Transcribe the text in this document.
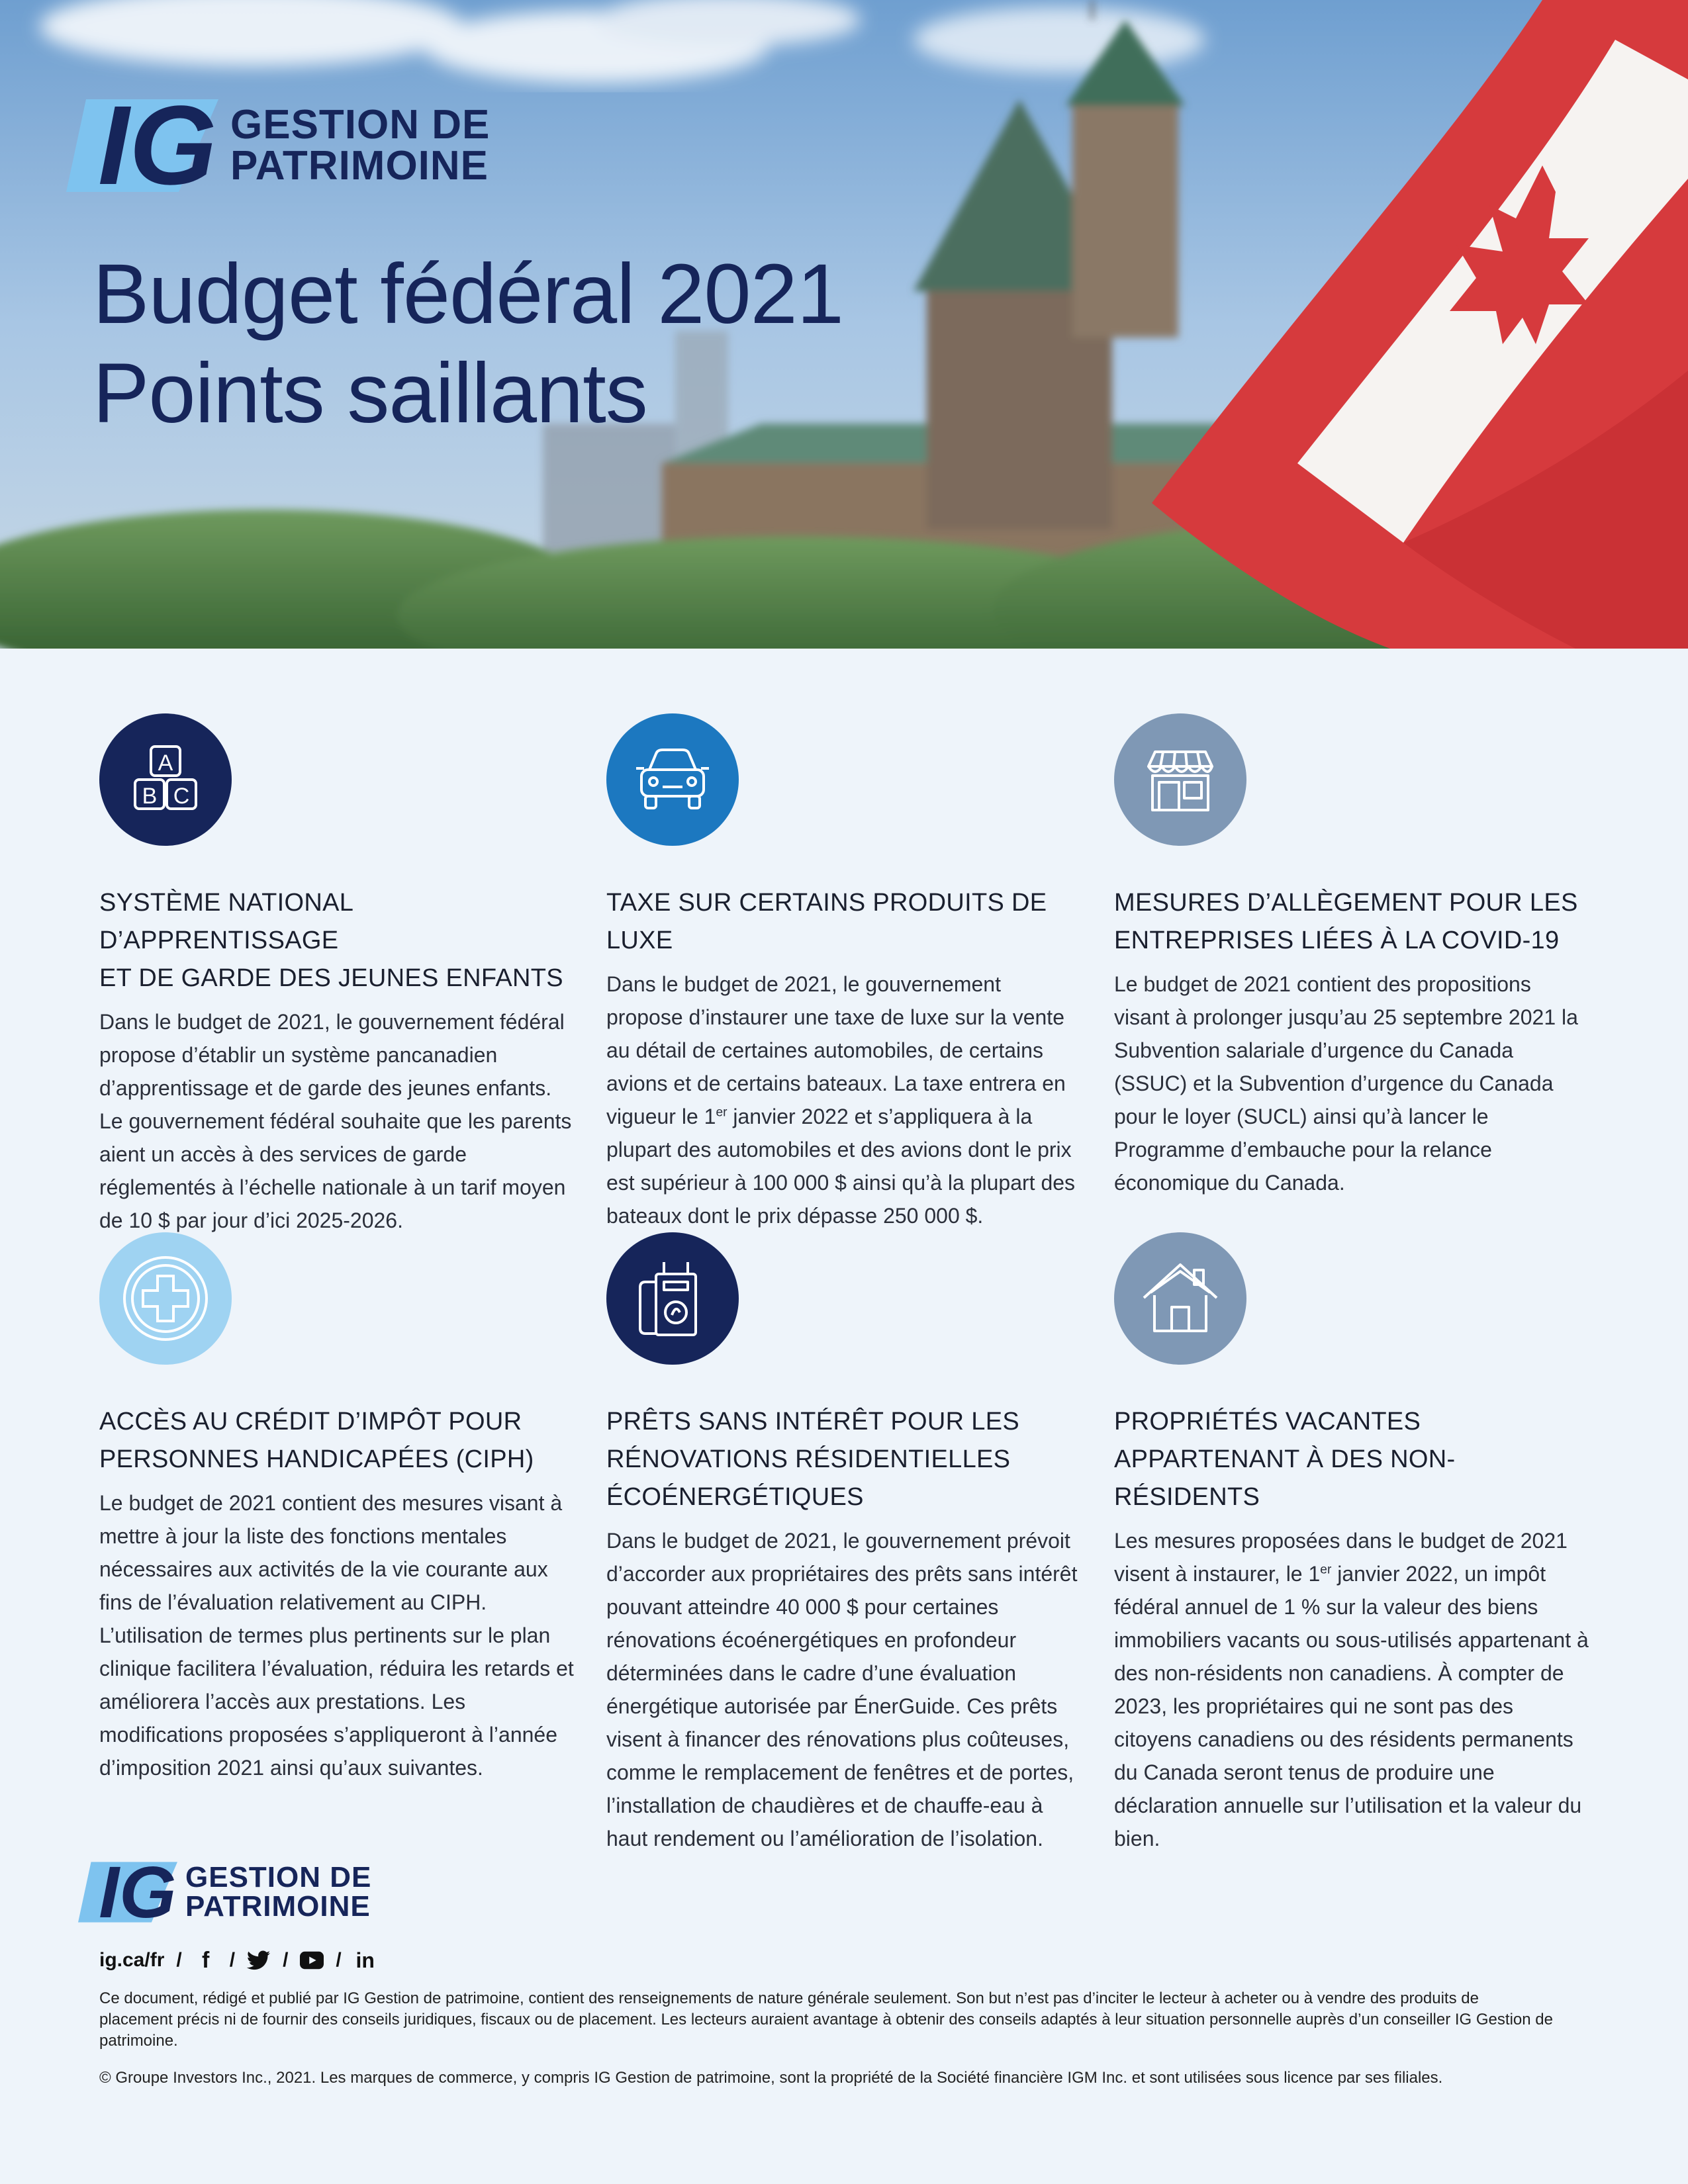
IG GESTION DE
PATRIMOINE
Budget fédéral 2021
Points saillants
A
B C
SYSTÈME NATIONAL D’APPRENTISSAGE
ET DE GARDE DES JEUNES ENFANTS

Dans le budget de 2021, le gouvernement fédéral propose d’établir un système pancanadien d’apprentissage et de garde des jeunes enfants. Le gouvernement fédéral souhaite que les parents aient un accès à des services de garde réglementés à l’échelle nationale à un tarif moyen de 10 $ par jour d’ici 2025-2026.

TAXE SUR CERTAINS PRODUITS DE LUXE

Dans le budget de 2021, le gouvernement propose d’instaurer une taxe de luxe sur la vente au détail de certaines automobiles, de certains avions et de certains bateaux. La taxe entrera en vigueur le 1er janvier 2022 et s’appliquera à la plupart des automobiles et des avions dont le prix est supérieur à 100 000 $ ainsi qu’à la plupart des bateaux dont le prix dépasse 250 000 $.

MESURES D’ALLÈGEMENT POUR LES
ENTREPRISES LIÉES À LA COVID-19

Le budget de 2021 contient des propositions visant à prolonger jusqu’au 25 septembre 2021 la Subvention salariale d’urgence du Canada (SSUC) et la Subvention d’urgence du Canada pour le loyer (SUCL) ainsi qu’à lancer le Programme d’embauche pour la relance économique du Canada.

ACCÈS AU CRÉDIT D’IMPÔT POUR
PERSONNES HANDICAPÉES (CIPH)

Le budget de 2021 contient des mesures visant à mettre à jour la liste des fonctions mentales nécessaires aux activités de la vie courante aux fins de l’évaluation relativement au CIPH. L’utilisation de termes plus pertinents sur le plan clinique facilitera l’évaluation, réduira les retards et améliorera l’accès aux prestations. Les modifications proposées s’appliqueront à l’année d’imposition 2021 ainsi qu’aux suivantes.

PRÊTS SANS INTÉRÊT POUR LES
RÉNOVATIONS RÉSIDENTIELLES
ÉCOÉNERGÉTIQUES

Dans le budget de 2021, le gouvernement prévoit d’accorder aux propriétaires des prêts sans intérêt pouvant atteindre 40 000 $ pour certaines rénovations écoénergétiques en profondeur déterminées dans le cadre d’une évaluation énergétique autorisée par ÉnerGuide. Ces prêts visent à financer des rénovations plus coûteuses, comme le remplacement de fenêtres et de portes, l’installation de chaudières et de chauffe-eau à haut rendement ou l’amélioration de l’isolation.

PROPRIÉTÉS VACANTES
APPARTENANT À DES NON-RÉSIDENTS

Les mesures proposées dans le budget de 2021 visent à instaurer, le 1er janvier 2022, un impôt fédéral annuel de 1 % sur la valeur des biens immobiliers vacants ou sous-utilisés appartenant à des non-résidents non canadiens. À compter de 2023, les propriétaires qui ne sont pas des citoyens canadiens ou des résidents permanents du Canada seront tenus de produire une déclaration annuelle sur l’utilisation et la valeur du bien.

IG GESTION DE
PATRIMOINE
ig.ca/fr / f / / / in

Ce document, rédigé et publié par IG Gestion de patrimoine, contient des renseignements de nature générale seulement. Son but n’est pas d’inciter le lecteur à acheter ou à vendre des produits de placement précis ni de fournir des conseils juridiques, fiscaux ou de placement. Les lecteurs auraient avantage à obtenir des conseils adaptés à leur situation personnelle auprès d’un conseiller IG Gestion de patrimoine.

© Groupe Investors Inc., 2021. Les marques de commerce, y compris IG Gestion de patrimoine, sont la propriété de la Société financière IGM Inc. et sont utilisées sous licence par ses filiales.
